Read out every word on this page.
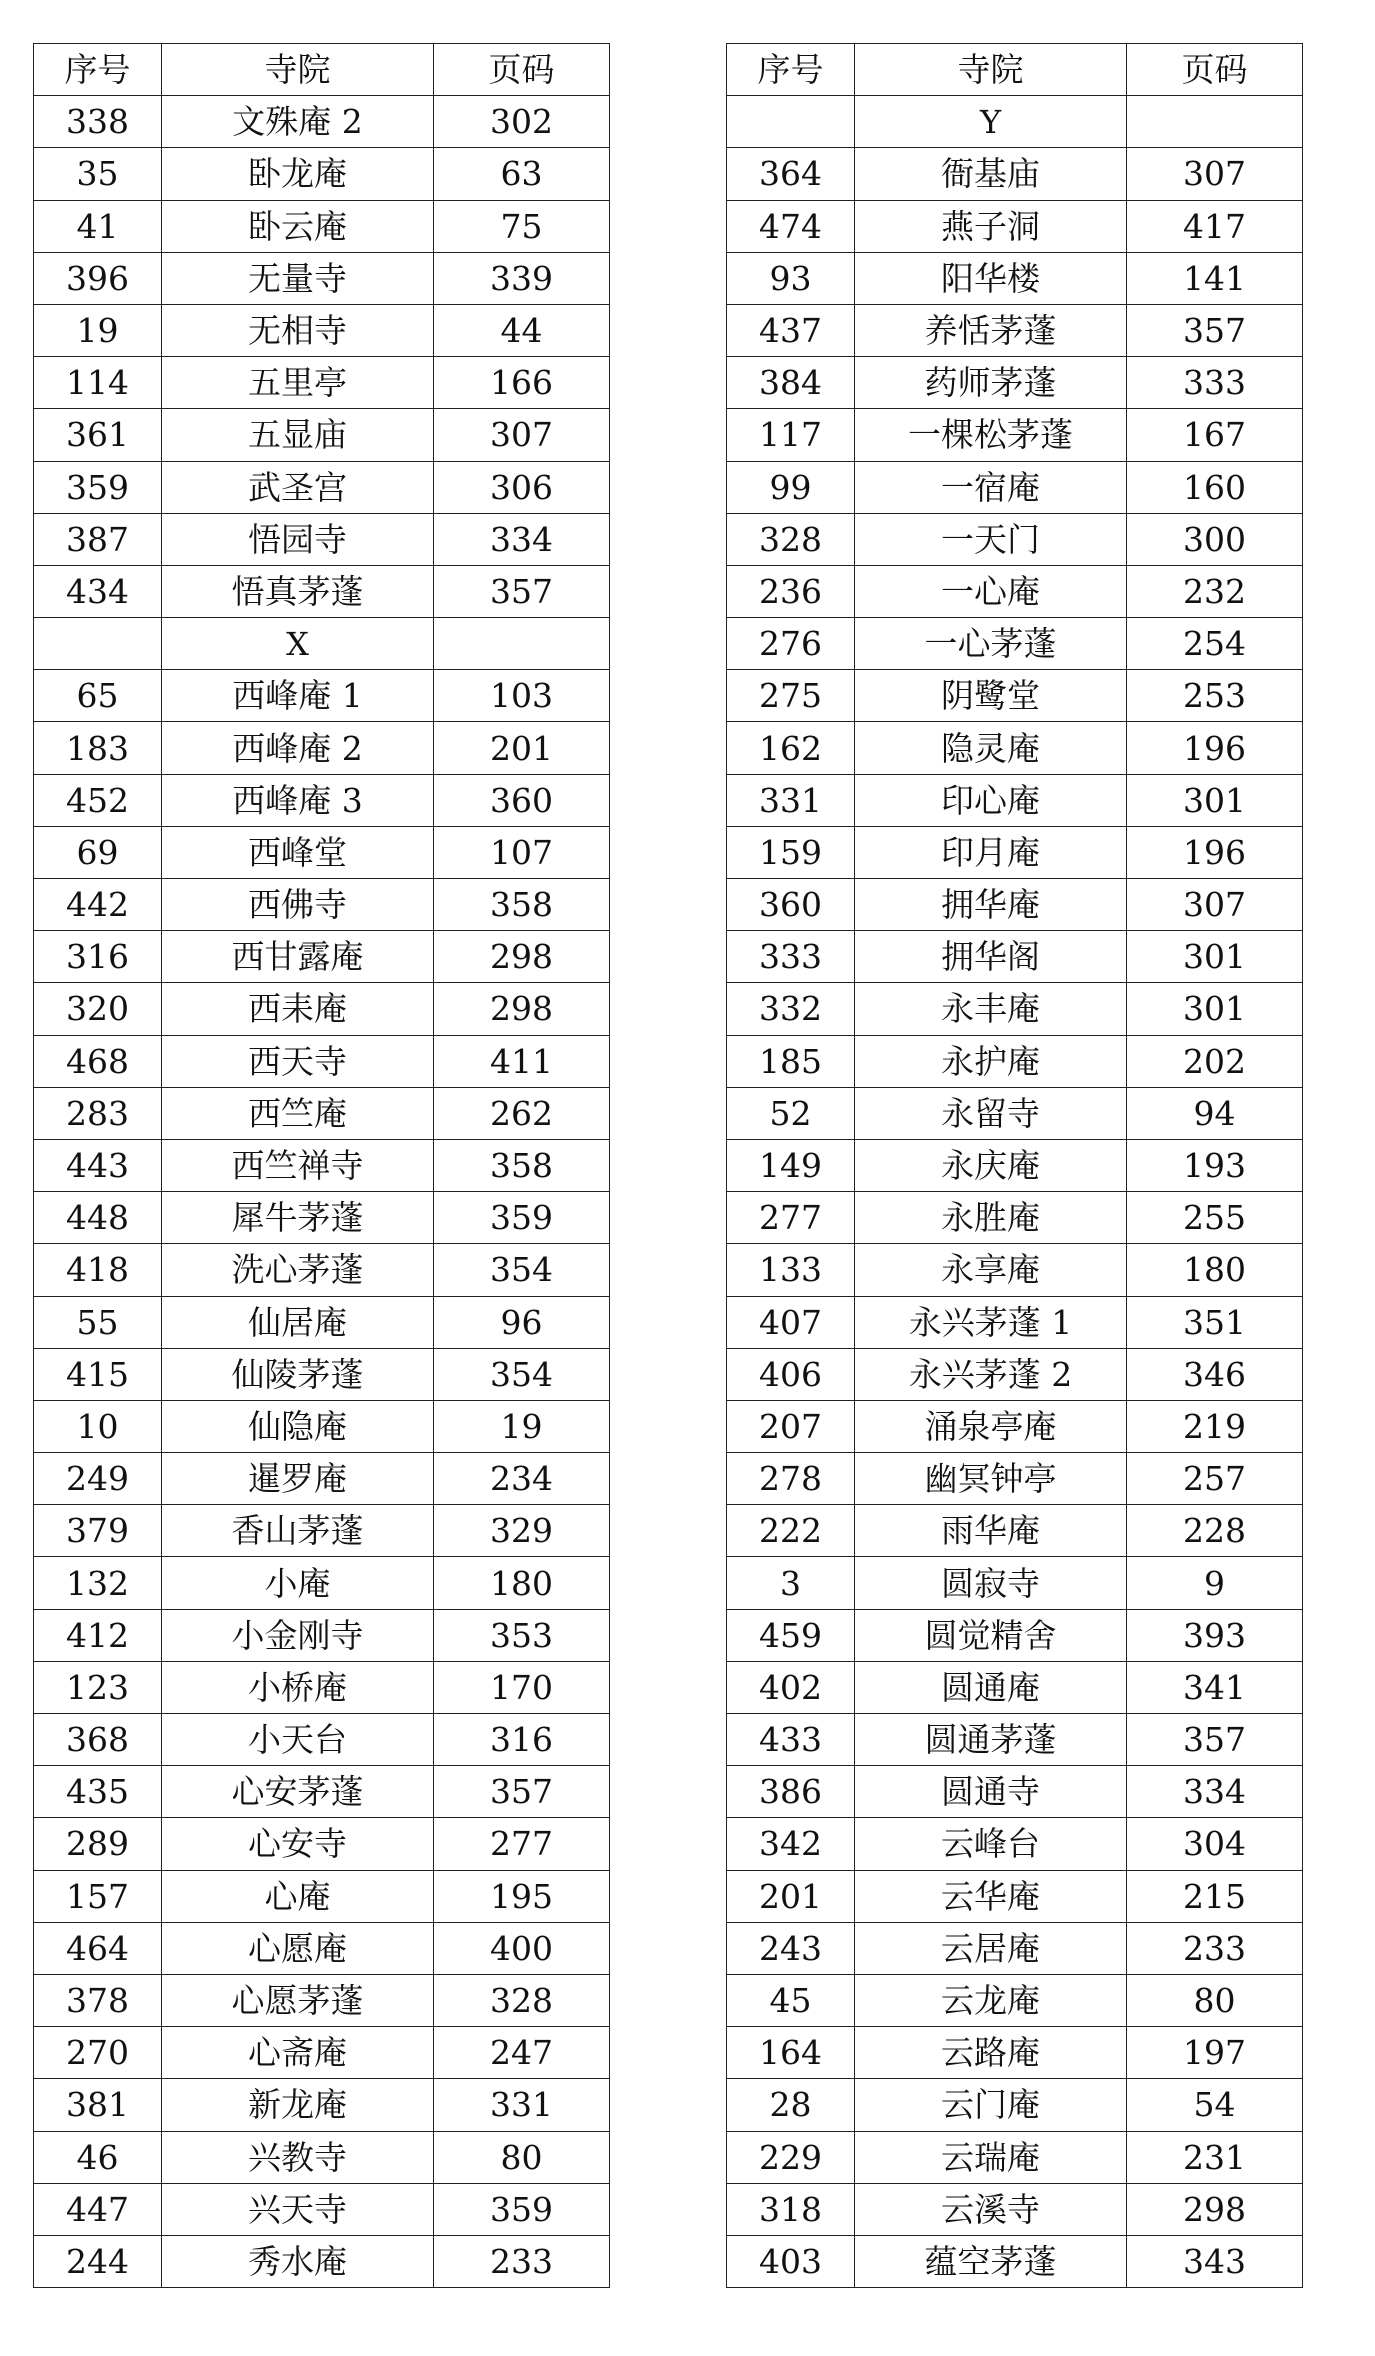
序号	寺院	页码
338	文殊庵 2	302
35	卧龙庵	63
41	卧云庵	75
396	无量寺	339
19	无相寺	44
114	五里亭	166
361	五显庙	307
359	武圣宫	306
387	悟园寺	334
434	悟真茅蓬	357
	X	
65	西峰庵 1	103
183	西峰庵 2	201
452	西峰庵 3	360
69	西峰堂	107
442	西佛寺	358
316	西甘露庵	298
320	西耒庵	298
468	西天寺	411
283	西竺庵	262
443	西竺禅寺	358
448	犀牛茅蓬	359
418	洗心茅蓬	354
55	仙居庵	96
415	仙陵茅蓬	354
10	仙隐庵	19
249	暹罗庵	234
379	香山茅蓬	329
132	小庵	180
412	小金刚寺	353
123	小桥庵	170
368	小天台	316
435	心安茅蓬	357
289	心安寺	277
157	心庵	195
464	心愿庵	400
378	心愿茅蓬	328
270	心斋庵	247
381	新龙庵	331
46	兴教寺	80
447	兴天寺	359
244	秀水庵	233
序号	寺院	页码
	Y	
364	衙基庙	307
474	燕子洞	417
93	阳华楼	141
437	养恬茅蓬	357
384	药师茅蓬	333
117	一棵松茅蓬	167
99	一宿庵	160
328	一天门	300
236	一心庵	232
276	一心茅蓬	254
275	阴鹭堂	253
162	隐灵庵	196
331	印心庵	301
159	印月庵	196
360	拥华庵	307
333	拥华阁	301
332	永丰庵	301
185	永护庵	202
52	永留寺	94
149	永庆庵	193
277	永胜庵	255
133	永享庵	180
407	永兴茅蓬 1	351
406	永兴茅蓬 2	346
207	涌泉亭庵	219
278	幽冥钟亭	257
222	雨华庵	228
3	圆寂寺	9
459	圆觉精舍	393
402	圆通庵	341
433	圆通茅蓬	357
386	圆通寺	334
342	云峰台	304
201	云华庵	215
243	云居庵	233
45	云龙庵	80
164	云路庵	197
28	云门庵	54
229	云瑞庵	231
318	云溪寺	298
403	蕴空茅蓬	343
